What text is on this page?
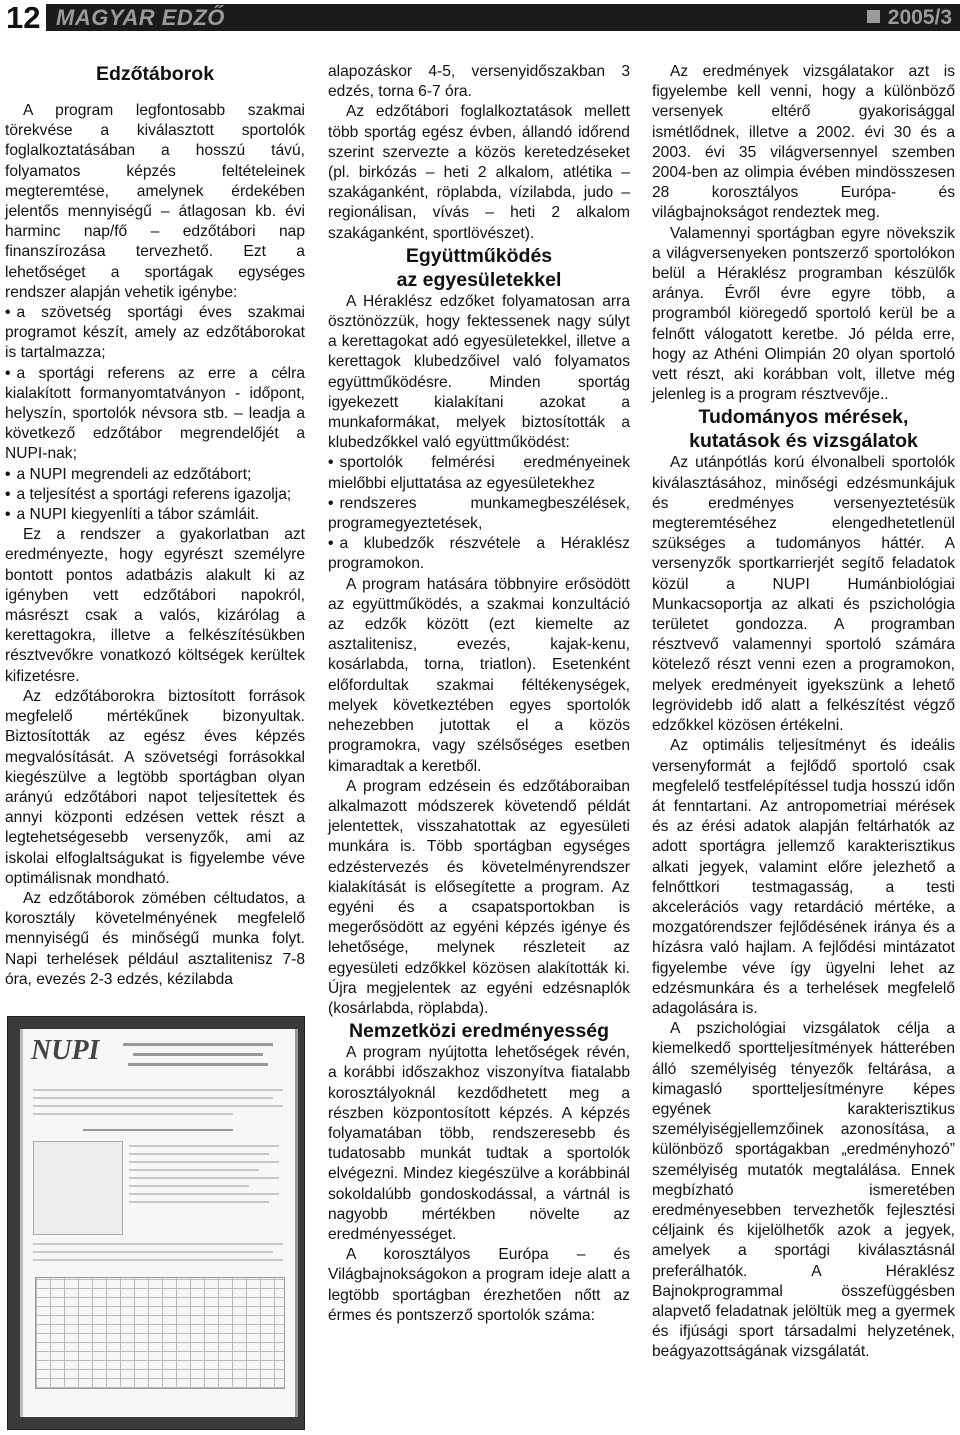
12 MAGYAR EDZŐ	2005/3
Edzőtáborok

A program legfontosabb szakmai törekvése a kiválasztott sportolók foglalkoztatásában a hosszú távú, folyamatos képzés feltételeinek megteremtése, amelynek érdekében jelentős mennyiségű – átlagosan kb. évi harminc nap/fő – edzőtábori nap finanszírozása tervezhető. Ezt a lehetőséget a sportágak egységes rendszer alapján vehetik igénybe:

• a szövetség sportági éves szakmai programot készít, amely az edzőtáborokat is tartalmazza;

• a sportági referens az erre a célra kialakított formanyomtatványon - időpont, helyszín, sportolók névsora stb. – leadja a következő edzőtábor megrendelőjét a NUPI-nak;

• a NUPI megrendeli az edzőtábort;

• a teljesítést a sportági referens igazolja;

• a NUPI kiegyenlíti a tábor számláit.

Ez a rendszer a gyakorlatban azt eredményezte, hogy egyrészt személyre bontott pontos adatbázis alakult ki az igényben vett edzőtábori napokról, másrészt csak a valós, kizárólag a kerettagokra, illetve a felkészítésükben résztvevőkre vonatkozó költségek kerültek kifizetésre.

Az edzőtáborokra biztosított források megfelelő mértékűnek bizonyultak. Biztosították az egész éves képzés megvalósítását. A szövetségi forrásokkal kiegészülve a legtöbb sportágban olyan arányú edzőtábori napot teljesítettek és annyi központi edzésen vettek részt a legtehetségesebb versenyzők, ami az iskolai elfoglaltságukat is figyelembe véve optimálisnak mondható.

Az edzőtáborok zömében céltudatos, a korosztály követelményének megfelelő mennyiségű és minőségű munka folyt. Napi terhelések például asztalitenisz 7-8 óra, evezés 2-3 edzés, kézilabda

NUPI

alapozáskor 4-5, versenyidőszakban 3 edzés, torna 6-7 óra.

Az edzőtábori foglalkoztatások mellett több sportág egész évben, állandó időrend szerint szervezte a közös keretedzéseket (pl. birkózás – heti 2 alkalom, atlétika – szakáganként, röplabda, vízilabda, judo – regionálisan, vívás – heti 2 alkalom szakáganként, sportlövészet).

Együttműködés
az egyesületekkel

A Héraklész edzőket folyamatosan arra ösztönözzük, hogy fektessenek nagy súlyt a kerettagokat adó egyesületekkel, illetve a kerettagok klubedzőivel való folyamatos együttműködésre. Minden sportág igyekezett kialakítani azokat a munkaformákat, melyek biztosították a klubedzőkkel való együttműködést:

• sportolók felmérési eredményeinek mielőbbi eljuttatása az egyesületekhez

• rendszeres munkamegbeszélések, programegyeztetések,

• a klubedzők részvétele a Héraklész programokon.

A program hatására többnyire erősödött az együttműködés, a szakmai konzultáció az edzők között (ezt kiemelte az asztalitenisz, evezés, kajak-kenu, kosárlabda, torna, triatlon). Esetenként előfordultak szakmai féltékenységek, melyek következtében egyes sportolók nehezebben jutottak el a közös programokra, vagy szélsőséges esetben kimaradtak a keretből.

A program edzésein és edzőtáboraiban alkalmazott módszerek követendő példát jelentettek, visszahatottak az egyesületi munkára is. Több sportágban egységes edzéstervezés és követelményrendszer kialakítását is elősegítette a program. Az egyéni és a csapatsportokban is megerősödött az egyéni képzés igénye és lehetősége, melynek részleteit az egyesületi edzőkkel közösen alakították ki. Újra megjelentek az egyéni edzésnaplók (kosárlabda, röplabda).

Nemzetközi eredményesség

A program nyújtotta lehetőségek révén, a korábbi időszakhoz viszonyítva fiatalabb korosztályoknál kezdődhetett meg a részben központosított képzés. A képzés folyamatában több, rendszeresebb és tudatosabb munkát tudtak a sportolók elvégezni. Mindez kiegészülve a korábbinál sokoldalúbb gondoskodással, a vártnál is nagyobb mértékben növelte az eredményességet.

A korosztályos Európa – és Világbajnokságokon a program ideje alatt a legtöbb sportágban érezhetően nőtt az érmes és pontszerző sportolók száma:

Az eredmények vizsgálatakor azt is figyelembe kell venni, hogy a különböző versenyek eltérő gyakorisággal ismétlődnek, illetve a 2002. évi 30 és a 2003. évi 35 világversennyel szemben 2004-ben az olimpia évében mindösszesen 28 korosztályos Európa- és világbajnokságot rendeztek meg.

Valamennyi sportágban egyre növekszik a világversenyeken pontszerző sportolókon belül a Héraklész programban készülők aránya. Évről évre egyre több, a programból kiöregedő sportoló kerül be a felnőtt válogatott keretbe. Jó példa erre, hogy az Athéni Olimpián 20 olyan sportoló vett részt, aki korábban volt, illetve még jelenleg is a program résztvevője..

Tudományos mérések,
kutatások és vizsgálatok

Az utánpótlás korú élvonalbeli sportolók kiválasztásához, minőségi edzésmunkájuk és eredményes versenyeztetésük megteremtéséhez elengedhetetlenül szükséges a tudományos háttér. A versenyzők sportkarrierjét segítő feladatok közül a NUPI Humánbiológiai Munkacsoportja az alkati és pszichológia területet gondozza. A programban résztvevő valamennyi sportoló számára kötelező részt venni ezen a programokon, melyek eredményeit igyekszünk a lehető legrövidebb idő alatt a felkészítést végző edzőkkel közösen értékelni.

Az optimális teljesítményt és ideális versenyformát a fejlődő sportoló csak megfelelő testfelépítéssel tudja hosszú időn át fenntartani. Az antropometriai mérések és az érési adatok alapján feltárhatók az adott sportágra jellemző karakterisztikus alkati jegyek, valamint előre jelezhető a felnőttkori testmagasság, a testi akcelerációs vagy retardáció mértéke, a mozgatórendszer fejlődésének iránya és a hízásra való hajlam. A fejlődési mintázatot figyelembe véve így ügyelni lehet az edzésmunkára és a terhelések megfelelő adagolására is.

A pszichológiai vizsgálatok célja a kiemelkedő sportteljesítmények hátterében álló személyiség tényezők feltárása, a kimagasló sportteljesítményre képes egyének karakterisztikus személyiségjellemzőinek azonosítása, a különböző sportágakban „eredményhozó” személyiség mutatók megtalálása. Ennek megbízható ismeretében eredményesebben tervezhetők fejlesztési céljaink és kijelölhetők azok a jegyek, amelyek a sportági kiválasztásnál preferálhatók. A Héraklész Bajnokprogrammal összefüggésben alapvető feladatnak jelöltük meg a gyermek és ifjúsági sport társadalmi helyzetének, beágyazottságának vizsgálatát.
